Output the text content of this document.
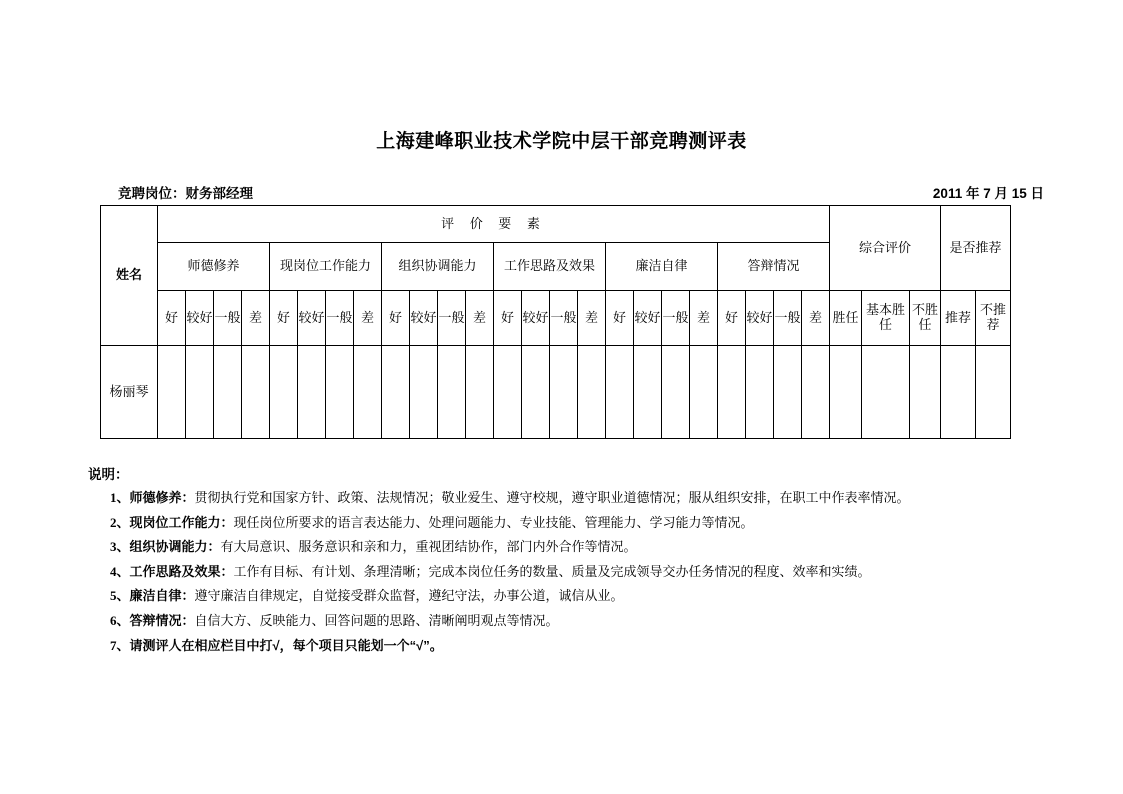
上海建峰职业技术学院中层干部竞聘测评表
竞聘岗位：财务部经理	2011 年 7 月 15 日
姓名	评 价 要 素																								综合评价			是否推荐	
	师德修养				现岗位工作能力				组织协调能力				工作思路及效果				廉洁自律				答辩情况								
	好	较好	一般	差	好	较好	一般	差	好	较好	一般	差	好	较好	一般	差	好	较好	一般	差	好	较好	一般	差	胜任	基本胜任	不胜任	推荐	不推荐
杨丽琴																													
说明：
1、师德修养：贯彻执行党和国家方针、政策、法规情况；敬业爱生、遵守校规，遵守职业道德情况；服从组织安排，在职工中作表率情况。
2、现岗位工作能力：现任岗位所要求的语言表达能力、处理问题能力、专业技能、管理能力、学习能力等情况。
3、组织协调能力：有大局意识、服务意识和亲和力，重视团结协作，部门内外合作等情况。
4、工作思路及效果：工作有目标、有计划、条理清晰；完成本岗位任务的数量、质量及完成领导交办任务情况的程度、效率和实绩。
5、廉洁自律：遵守廉洁自律规定，自觉接受群众监督，遵纪守法，办事公道，诚信从业。
6、答辩情况：自信大方、反映能力、回答问题的思路、清晰阐明观点等情况。
7、请测评人在相应栏目中打√，每个项目只能划一个“√”。
